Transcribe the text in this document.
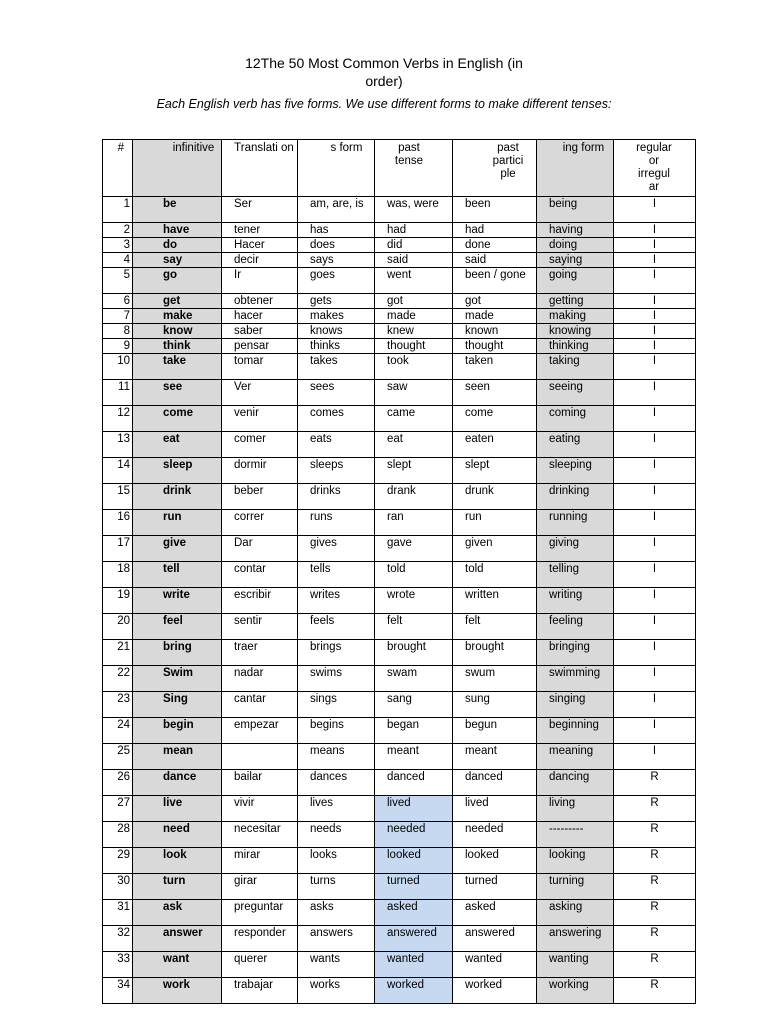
12The 50 Most Common Verbs in English (in
order)
Each English verb has five forms. We use different forms to make different tenses:
#	infinitive	Translati on	s form	past tense	past partici ple	ing form	regular or irregul ar

1	be	Ser	am, are, is	was, were	been	being	I
2	have	tener	has	had	had	having	I
3	do	Hacer	does	did	done	doing	I
4	say	decir	says	said	said	saying	I
5	go	Ir	goes	went	been / gone	going	I
6	get	obtener	gets	got	got	getting	I
7	make	hacer	makes	made	made	making	I
8	know	saber	knows	knew	known	knowing	I
9	think	pensar	thinks	thought	thought	thinking	I
10	take	tomar	takes	took	taken	taking	I
11	see	Ver	sees	saw	seen	seeing	I
12	come	venir	comes	came	come	coming	I
13	eat	comer	eats	eat	eaten	eating	I
14	sleep	dormir	sleeps	slept	slept	sleeping	I
15	drink	beber	drinks	drank	drunk	drinking	I
16	run	correr	runs	ran	run	running	I
17	give	Dar	gives	gave	given	giving	I
18	tell	contar	tells	told	told	telling	I
19	write	escribir	writes	wrote	written	writing	I
20	feel	sentir	feels	felt	felt	feeling	I
21	bring	traer	brings	brought	brought	bringing	I
22	Swim	nadar	swims	swam	swum	swimming	I
23	Sing	cantar	sings	sang	sung	singing	I
24	begin	empezar	begins	began	begun	beginning	I
25	mean		means	meant	meant	meaning	I
26	dance	bailar	dances	danced	danced	dancing	R
27	live	vivir	lives	lived	lived	living	R
28	need	necesitar	needs	needed	needed	---------	R
29	look	mirar	looks	looked	looked	looking	R
30	turn	girar	turns	turned	turned	turning	R
31	ask	preguntar	asks	asked	asked	asking	R
32	answer	responder	answers	answered	answered	answering	R
33	want	querer	wants	wanted	wanted	wanting	R
34	work	trabajar	works	worked	worked	working	R
